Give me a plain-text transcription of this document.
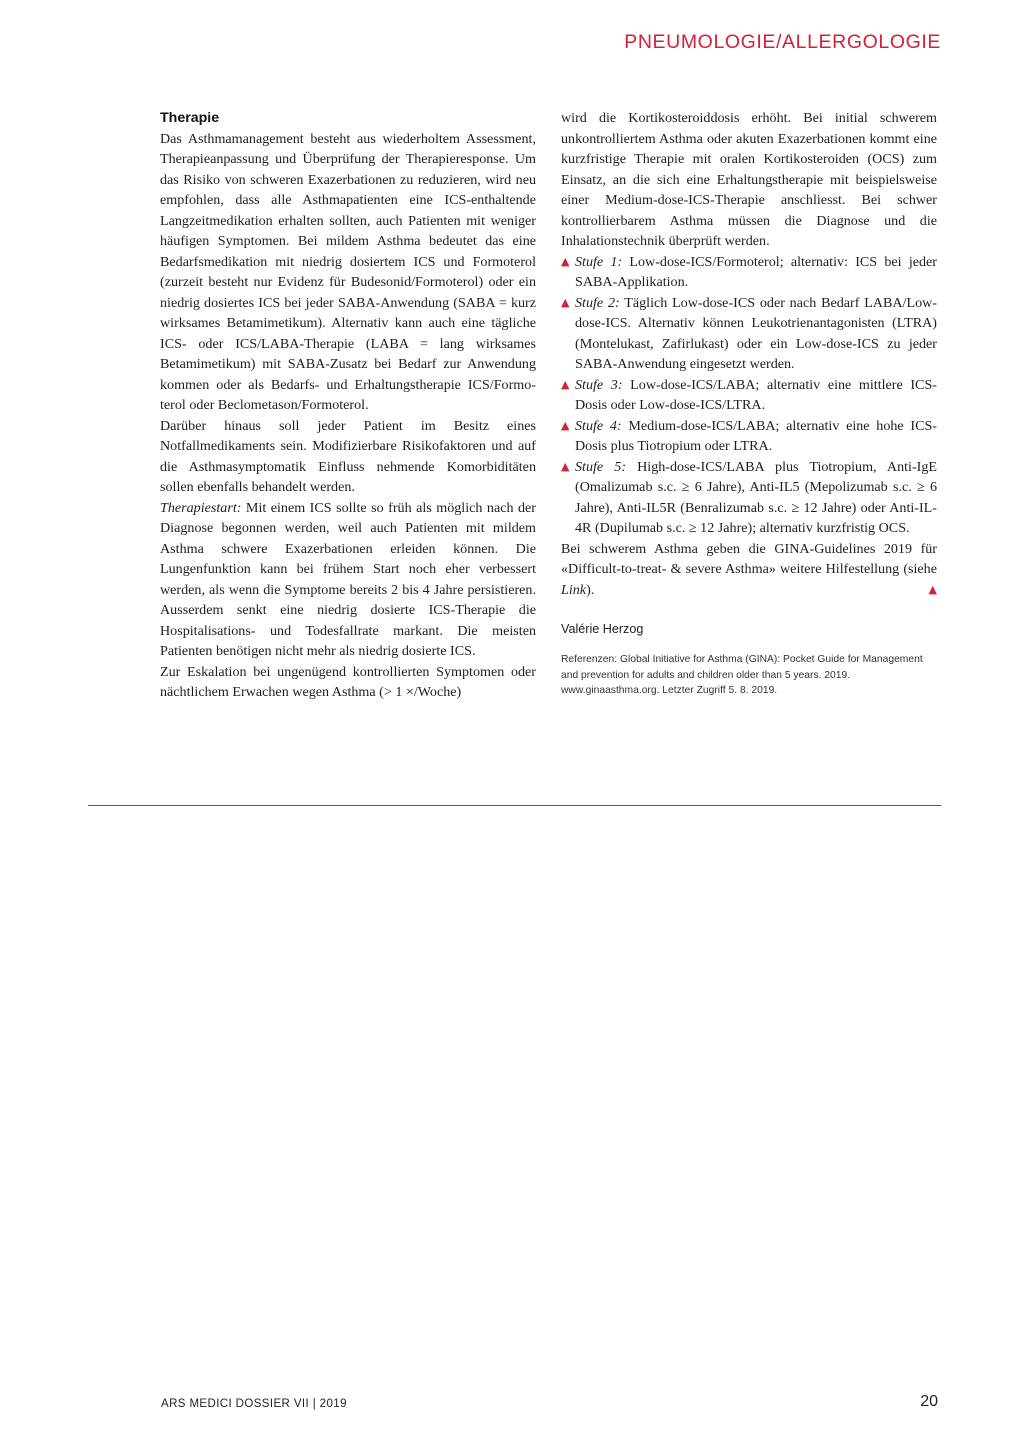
PNEUMOLOGIE/ALLERGOLOGIE
Therapie

Das Asthmamanagement besteht aus wiederholtem Assessment, Therapieanpassung und Überprüfung der Therapieresponse. Um das Risiko von schweren Exazerbationen zu reduzieren, wird neu empfohlen, dass alle Asthmapatienten eine ICS-enthaltende Langzeitmedikation erhalten sollten, auch Patienten mit weniger häufigen Symptomen. Bei mildem Asthma bedeutet das eine Bedarfsmedikation mit niedrig dosiertem ICS und Formoterol (zurzeit besteht nur Evidenz für Budesonid/Formoterol) oder ein niedrig dosiertes ICS bei jeder SABA-Anwendung (SABA = kurz wirksames Betamimetikum). Alternativ kann auch eine tägliche ICS- oder ICS/LABA-Therapie (LABA = lang wirksames Betamimetikum) mit SABA-Zusatz bei Bedarf zur Anwendung kommen oder als Bedarfs- und Erhaltungstherapie ICS/Formo-terol oder Beclometason/Formoterol.

Darüber hinaus soll jeder Patient im Besitz eines Notfallmedikaments sein. Modifizierbare Risikofaktoren und auf die Asthmasymptomatik Einfluss nehmende Komorbiditäten sollen ebenfalls behandelt werden.

Therapiestart: Mit einem ICS sollte so früh als möglich nach der Diagnose begonnen werden, weil auch Patienten mit mildem Asthma schwere Exazerbationen erleiden können. Die Lungenfunktion kann bei frühem Start noch eher verbessert werden, als wenn die Symptome bereits 2 bis 4 Jahre persistieren. Ausserdem senkt eine niedrig dosierte ICS-Therapie die Hospitalisations- und Todesfallrate markant. Die meisten Patienten benötigen nicht mehr als niedrig dosierte ICS.

Zur Eskalation bei ungenügend kontrollierten Symptomen oder nächtlichem Erwachen wegen Asthma (> 1 ×/Woche)

wird die Kortikosteroiddosis erhöht. Bei initial schwerem unkontrolliertem Asthma oder akuten Exazerbationen kommt eine kurzfristige Therapie mit oralen Kortikosteroiden (OCS) zum Einsatz, an die sich eine Erhaltungstherapie mit beispielsweise einer Medium-dose-ICS-Therapie anschliesst. Bei schwer kontrollierbarem Asthma müssen die Diagnose und die Inhalationstechnik überprüft werden.

▲ Stufe 1: Low-dose-ICS/Formoterol; alternativ: ICS bei jeder SABA-Applikation.
▲ Stufe 2: Täglich Low-dose-ICS oder nach Bedarf LABA/Low-dose-ICS. Alternativ können Leukotrienantagonisten (LTRA) (Montelukast, Zafirlukast) oder ein Low-dose-ICS zu jeder SABA-Anwendung eingesetzt werden.
▲ Stufe 3: Low-dose-ICS/LABA; alternativ eine mittlere ICS-Dosis oder Low-dose-ICS/LTRA.
▲ Stufe 4: Medium-dose-ICS/LABA; alternativ eine hohe ICS-Dosis plus Tiotropium oder LTRA.
▲ Stufe 5: High-dose-ICS/LABA plus Tiotropium, Anti-IgE (Omalizumab s.c. ≥ 6 Jahre), Anti-IL5 (Mepolizumab s.c. ≥ 6 Jahre), Anti-IL5R (Benralizumab s.c. ≥ 12 Jahre) oder Anti-IL-4R (Dupilumab s.c. ≥ 12 Jahre); alternativ kurzfristig OCS.

Bei schwerem Asthma geben die GINA-Guidelines 2019 für «Difficult-to-treat- & severe Asthma» weitere Hilfestellung (siehe Link).	▲

Valérie Herzog
Referenzen: Global Initiative for Asthma (GINA): Pocket Guide for Management and prevention for adults and children older than 5 years. 2019. www.ginaasthma.org. Letzter Zugriff 5. 8. 2019.
ARS MEDICI DOSSIER VII | 2019	20
